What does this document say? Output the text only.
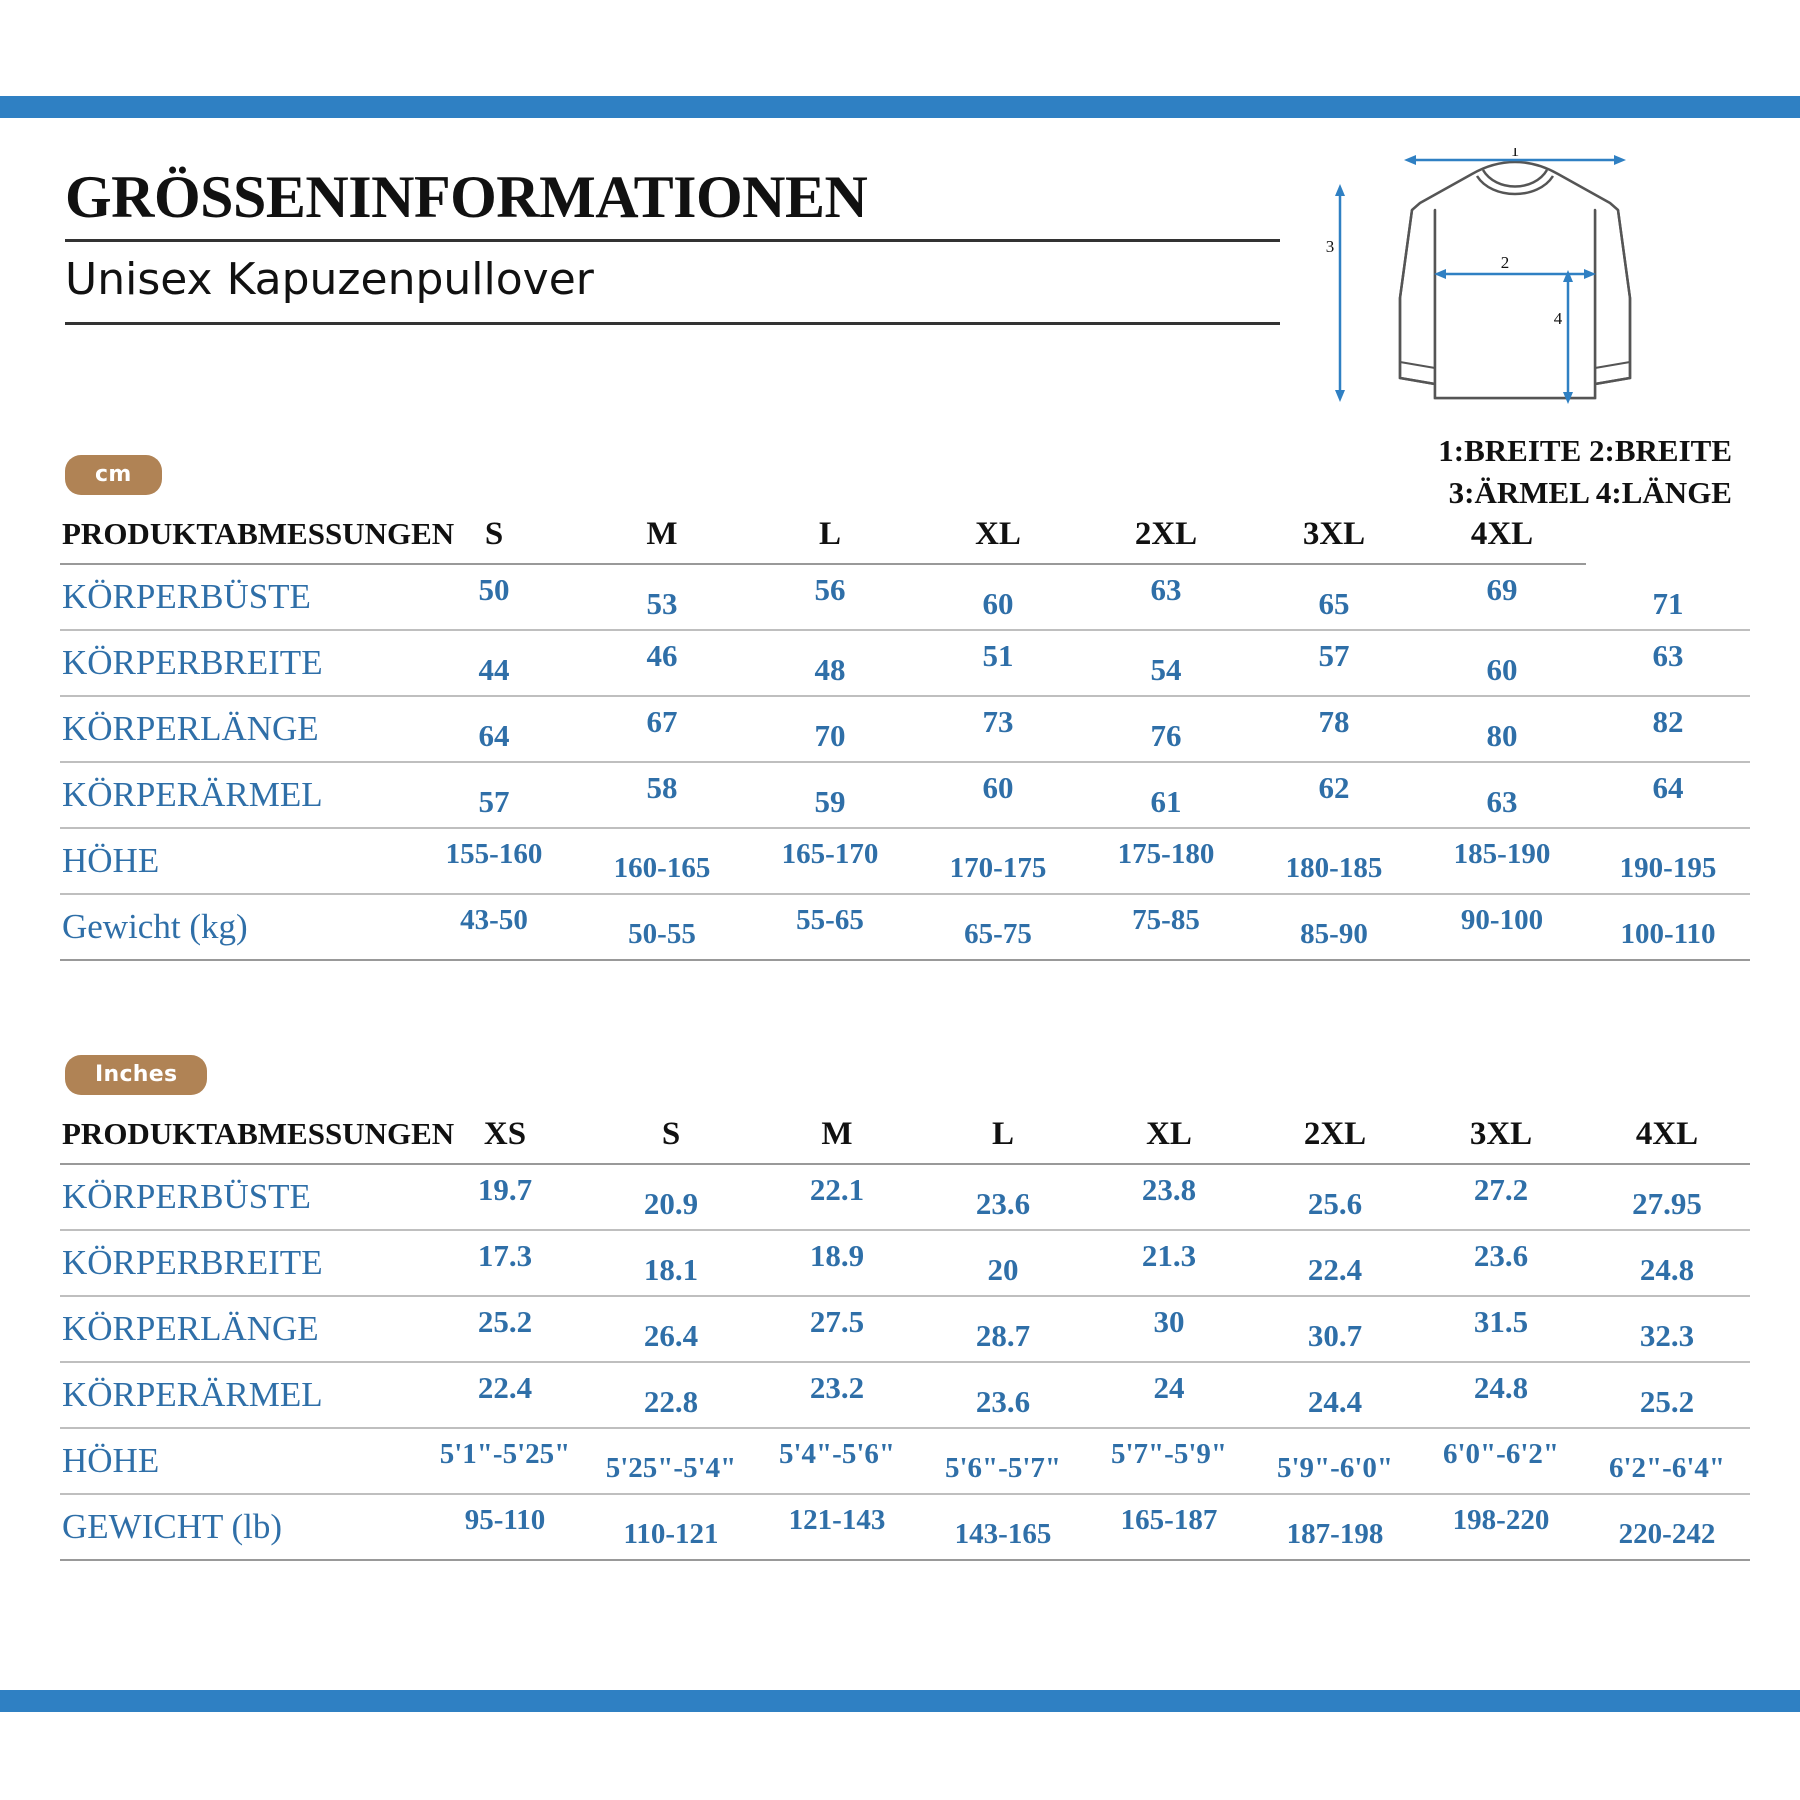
GRÖSSENINFORMATIONEN
Unisex Kapuzenpullover
1
2
3
4
1:BREITE 2:BREITE
3:ÄRMEL 4:LÄNGE
cm
PRODUKTABMESSUNGEN	S	M	L	XL	2XL	3XL	4XL	
KÖRPERBÜSTE	50	53	56	60	63	65	69	71
KÖRPERBREITE	44	46	48	51	54	57	60	63
KÖRPERLÄNGE	64	67	70	73	76	78	80	82
KÖRPERÄRMEL	57	58	59	60	61	62	63	64
HÖHE	155-160	160-165	165-170	170-175	175-180	180-185	185-190	190-195
Gewicht (kg)	43-50	50-55	55-65	65-75	75-85	85-90	90-100	100-110
Inches
PRODUKTABMESSUNGEN	XS	S	M	L	XL	2XL	3XL	4XL
KÖRPERBÜSTE	19.7	20.9	22.1	23.6	23.8	25.6	27.2	27.95
KÖRPERBREITE	17.3	18.1	18.9	20	21.3	22.4	23.6	24.8
KÖRPERLÄNGE	25.2	26.4	27.5	28.7	30	30.7	31.5	32.3
KÖRPERÄRMEL	22.4	22.8	23.2	23.6	24	24.4	24.8	25.2
HÖHE	5'1"-5'25"	5'25"-5'4"	5'4"-5'6"	5'6"-5'7"	5'7"-5'9"	5'9"-6'0"	6'0"-6'2"	6'2"-6'4"
GEWICHT (lb)	95-110	110-121	121-143	143-165	165-187	187-198	198-220	220-242
